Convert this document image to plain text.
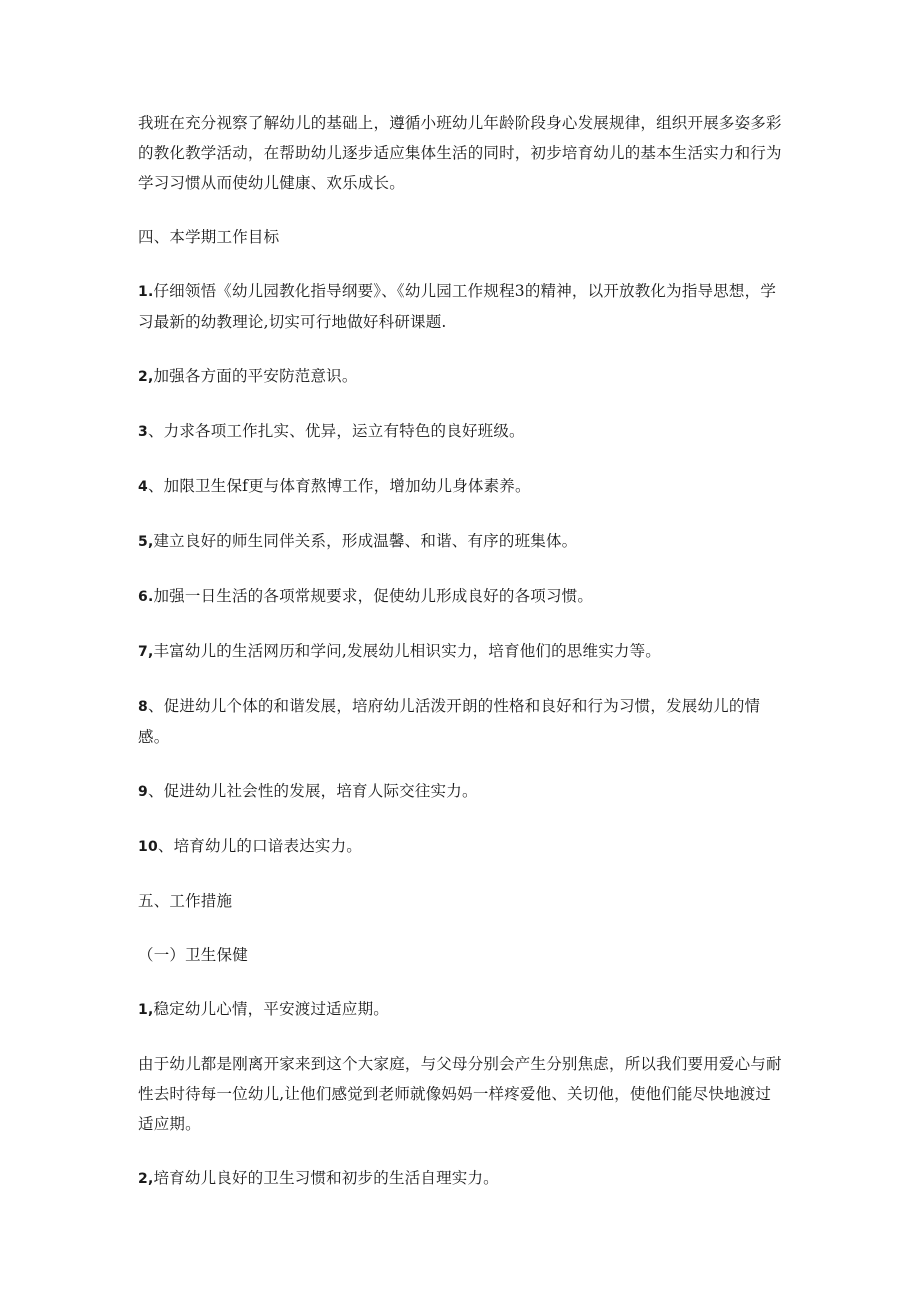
我班在充分视察了解幼儿的基础上，遵循小班幼儿年龄阶段身心发展规律，组织开展多姿多彩的教化教学活动，在帮助幼儿逐步适应集体生活的同时，初步培育幼儿的基本生活实力和行为学习习惯从而使幼儿健康、欢乐成长。

四、本学期工作目标

1.仔细领悟《幼儿园教化指导纲要》、《幼儿园工作规程3的精神，以开放教化为指导思想，学习最新的幼教理论,切实可行地做好科研课题.

2,加强各方面的平安防范意识。

3、力求各项工作扎实、优异，运立有特色的良好班级。

4、加限卫生保f更与体育熬博工作，增加幼儿身体素养。

5,建立良好的师生同伴关系，形成温馨、和谐、有序的班集体。

6.加强一日生活的各项常规要求，促使幼儿形成良好的各项习惯。

7,丰富幼儿的生活网历和学问,发展幼儿相识实力，培育他们的思维实力等。

8、促进幼儿个体的和谐发展，培府幼儿活泼开朗的性格和良好和行为习惯，发展幼儿的情感。

9、促进幼儿社会性的发展，培育人际交往实力。

10、培育幼儿的口谙表达实力。

五、工作措施

（一）卫生保健

1,稳定幼儿心情，平安渡过适应期。

由于幼儿都是刚离开家来到这个大家庭，与父母分别会产生分别焦虑，所以我们要用爱心与耐性去时待每一位幼儿,让他们感觉到老师就像妈妈一样疼爱他、关切他，使他们能尽快地渡过适应期。

2,培育幼儿良好的卫生习惯和初步的生活自理实力。
